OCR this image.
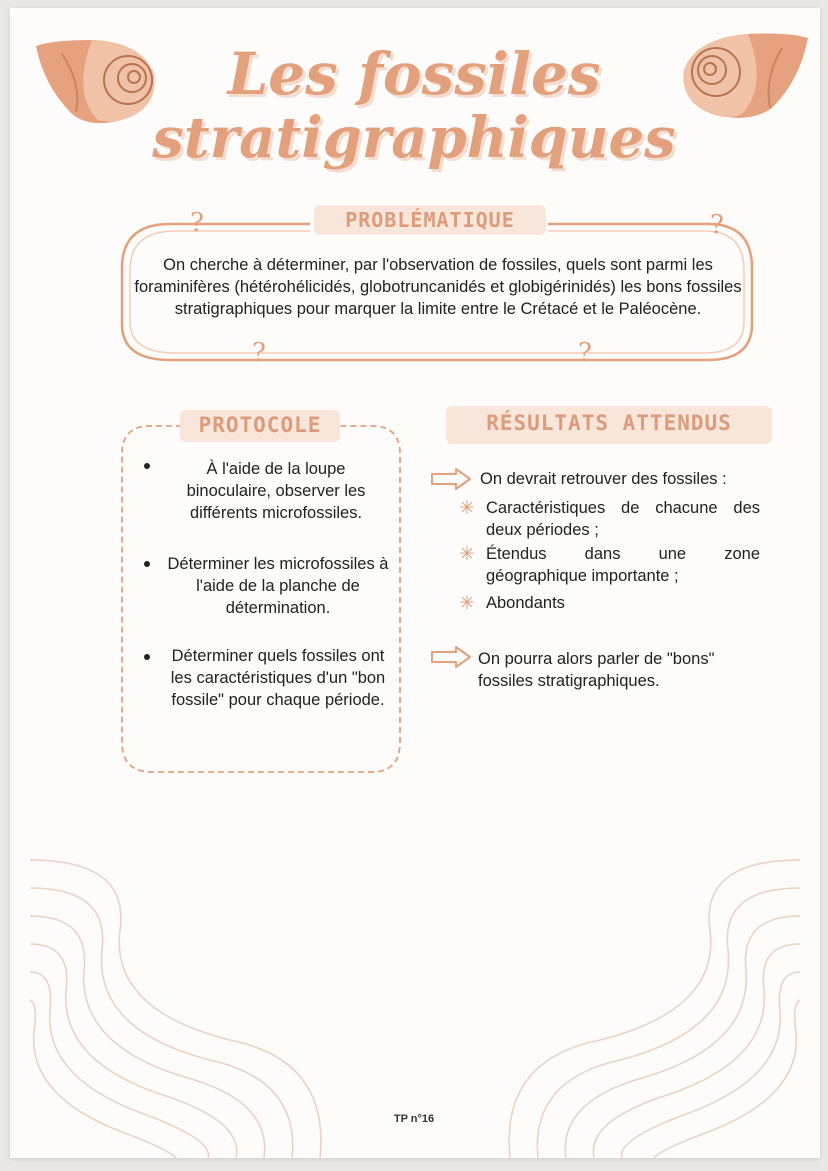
Les fossiles
stratigraphiques
PROBLÉMATIQUE
?	?
?	?
On cherche à déterminer, par l'observation de fossiles, quels sont parmi les foraminifères (hétérohélicidés, globotruncanidés et globigérinidés) les bons fossiles stratigraphiques pour marquer la limite entre le Crétacé et le Paléocène.
PROTOCOLE
À l'aide de la loupe binoculaire, observer les différents microfossiles.
Déterminer les microfossiles à l'aide de la planche de détermination.
Déterminer quels fossiles ont les caractéristiques d'un "bon fossile" pour chaque période.
RÉSULTATS ATTENDUS
On devrait retrouver des fossiles :
✳ Caractéristiques de chacune des deux périodes ;
✳ Étendus dans une zone géographique importante ;
✳ Abondants
On pourra alors parler de "bons" fossiles stratigraphiques.
TP n°16
